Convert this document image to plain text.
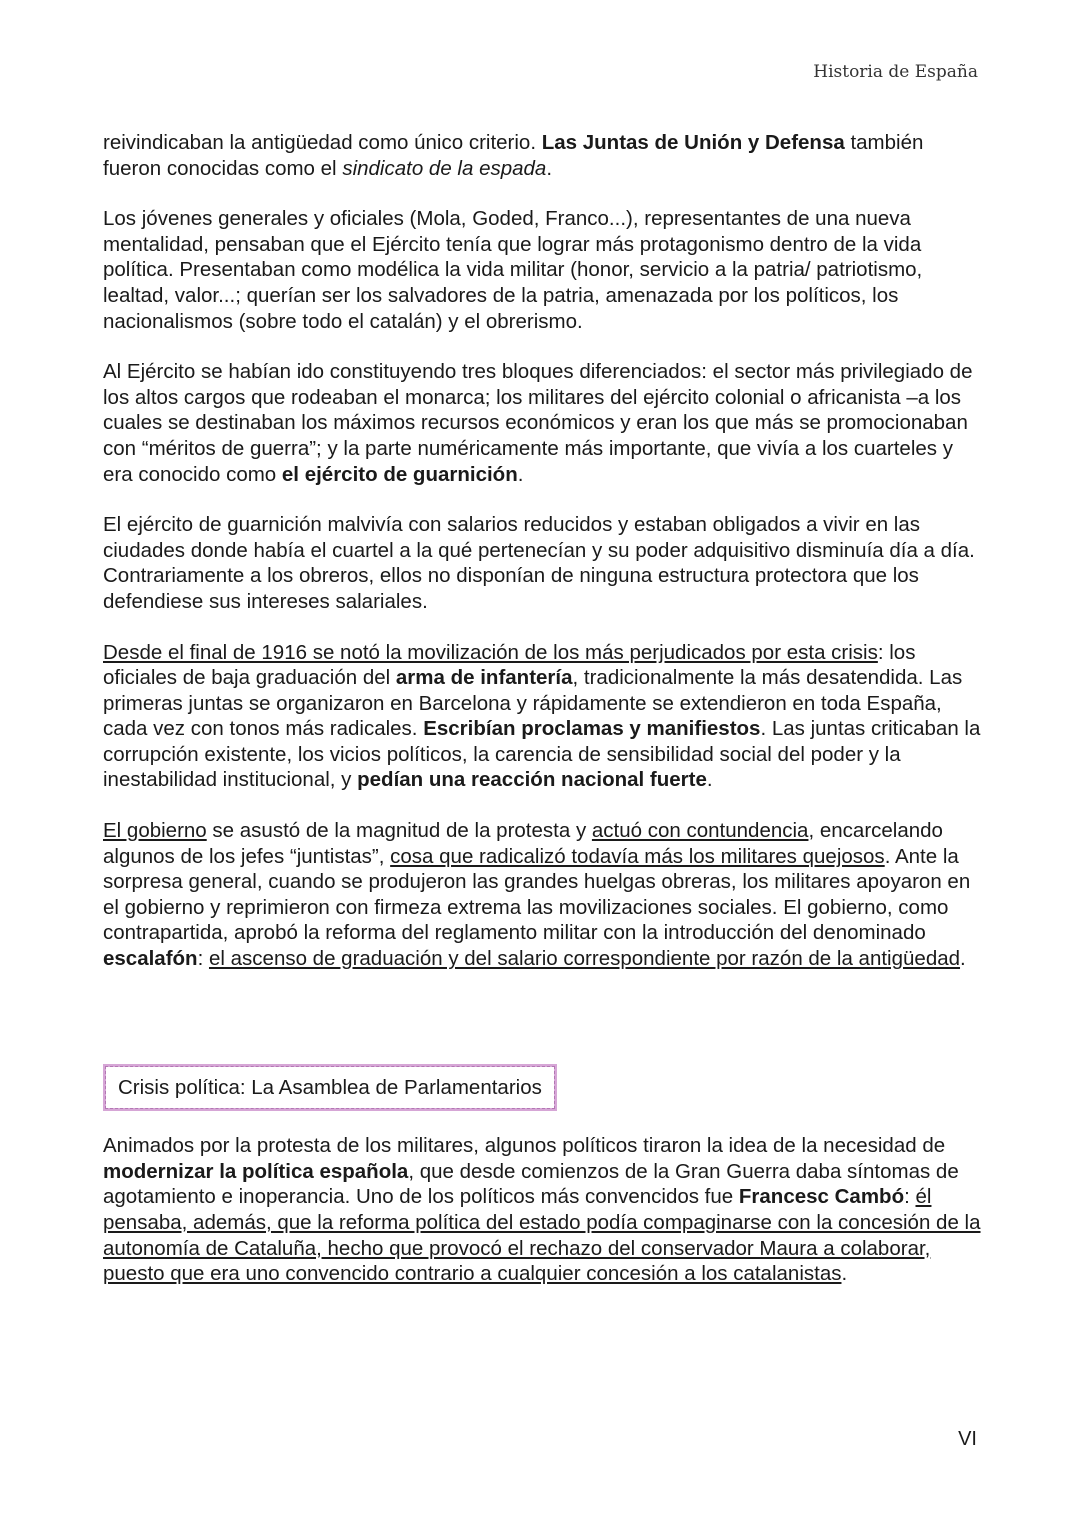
Historia de España

reivindicaban la antigüedad como único criterio. Las Juntas de Unión y Defensa también fueron conocidas como el sindicato de la espada.

Los jóvenes generales y oficiales (Mola, Goded, Franco...), representantes de una nueva mentalidad, pensaban que el Ejército tenía que lograr más protagonismo dentro de la vida política. Presentaban como modélica la vida militar (honor, servicio a la patria/ patriotismo, lealtad, valor...; querían ser los salvadores de la patria, amenazada por los políticos, los nacionalismos (sobre todo el catalán) y el obrerismo.

Al Ejército se habían ido constituyendo tres bloques diferenciados: el sector más privilegiado de los altos cargos que rodeaban el monarca; los militares del ejército colonial o africanista –a los cuales se destinaban los máximos recursos económicos y eran los que más se promocionaban con “méritos de guerra”; y la parte numéricamente más importante, que vivía a los cuarteles y era conocido como el ejército de guarnición.

El ejército de guarnición malvivía con salarios reducidos y estaban obligados a vivir en las ciudades donde había el cuartel a la qué pertenecían y su poder adquisitivo disminuía día a día. Contrariamente a los obreros, ellos no disponían de ninguna estructura protectora que los defendiese sus intereses salariales.

Desde el final de 1916 se notó la movilización de los más perjudicados por esta crisis: los oficiales de baja graduación del arma de infantería, tradicionalmente la más desatendida. Las primeras juntas se organizaron en Barcelona y rápidamente se extendieron en toda España, cada vez con tonos más radicales. Escribían proclamas y manifiestos. Las juntas criticaban la corrupción existente, los vicios políticos, la carencia de sensibilidad social del poder y la inestabilidad institucional, y pedían una reacción nacional fuerte.

El gobierno se asustó de la magnitud de la protesta y actuó con contundencia, encarcelando algunos de los jefes “juntistas”, cosa que radicalizó todavía más los militares quejosos. Ante la sorpresa general, cuando se produjeron las grandes huelgas obreras, los militares apoyaron en el gobierno y reprimieron con firmeza extrema las movilizaciones sociales. El gobierno, como contrapartida, aprobó la reforma del reglamento militar con la introducción del denominado escalafón: el ascenso de graduación y del salario correspondiente por razón de la antigüedad.

Crisis política: La Asamblea de Parlamentarios

Animados por la protesta de los militares, algunos políticos tiraron la idea de la necesidad de modernizar la política española, que desde comienzos de la Gran Guerra daba síntomas de agotamiento e inoperancia. Uno de los políticos más convencidos fue Francesc Cambó: él pensaba, además, que la reforma política del estado podía compaginarse con la concesión de la autonomía de Cataluña, hecho que provocó el rechazo del conservador Maura a colaborar, puesto que era uno convencido contrario a cualquier concesión a los catalanistas.

VI
